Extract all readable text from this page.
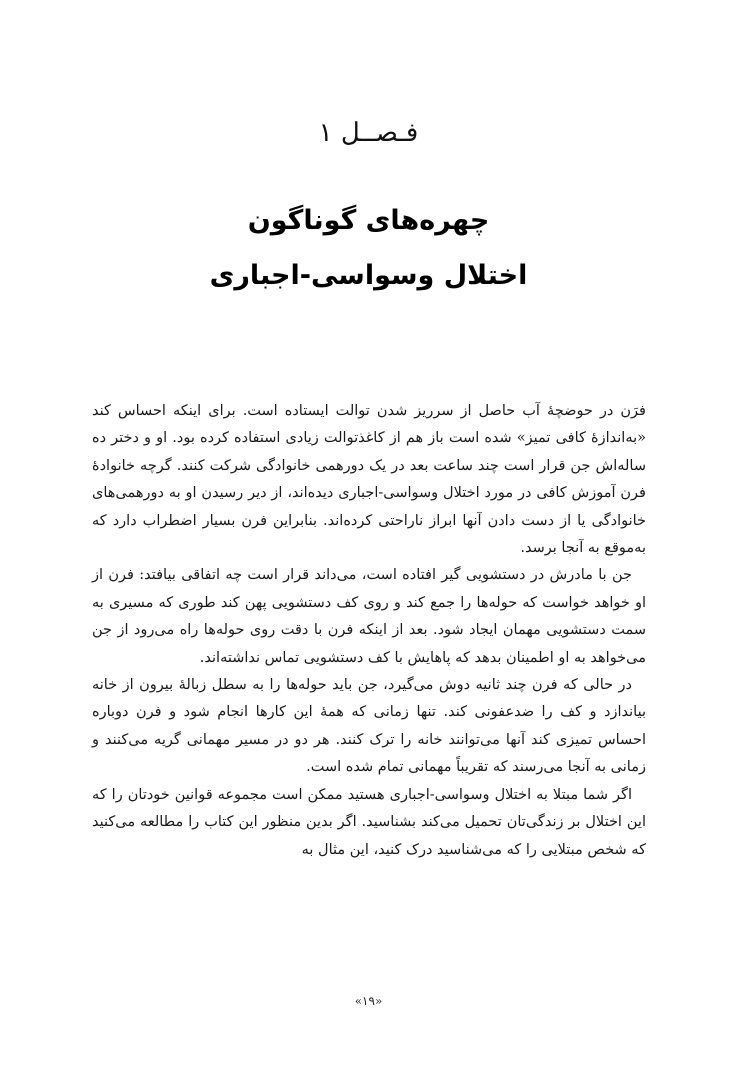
فـصــل ۱
چهره‌های گوناگون
اختلال وسواسی-اجباری

فرَن در حوضچهٔ آب حاصل از سرریز شدن توالت ایستاده است. برای اینکه احساس کند «به‌اندازهٔ کافی تمیز» شده است باز هم از کاغذتوالت زیادی استفاده کرده بود. او و دختر ده ساله‌اش جن قرار است چند ساعت بعد در یک دورهمی خانوادگی شرکت کنند. گرچه خانوادهٔ فرن آموزش کافی در مورد اختلال وسواسی-اجباری دیده‌اند، از دیر رسیدن او به دورهمی‌های خانوادگی یا از دست دادن آنها ابراز ناراحتی کرده‌اند. بنابراین فرن بسیار اضطراب دارد که به‌موقع به آنجا برسد.

جن با مادرش در دستشویی گیر افتاده است، می‌داند قرار است چه اتفاقی بیافتد: فرن از او خواهد خواست که حوله‌ها را جمع کند و روی کف دستشویی پهن کند طوری که مسیری به سمت دستشویی مهمان ایجاد شود. بعد از اینکه فرن با دقت روی حوله‌ها راه می‌رود از جن می‌خواهد به او اطمینان بدهد که پاهایش با کف دستشویی تماس نداشته‌اند.

در حالی که فرن چند ثانیه دوش می‌گیرد، جن باید حوله‌ها را به سطل زبالهٔ بیرون از خانه بیاندازد و کف را ضدعفونی کند. تنها زمانی که همهٔ این کارها انجام شود و فرن دوباره احساس تمیزی کند آنها می‌توانند خانه را ترک کنند. هر دو در مسیر مهمانی گریه می‌کنند و زمانی به آنجا می‌رسند که تقریباً مهمانی تمام شده است.

اگر شما مبتلا به اختلال وسواسی-اجباری هستید ممکن است مجموعه قوانین خودتان را که این اختلال بر زندگی‌تان تحمیل می‌کند بشناسید. اگر بدین منظور این کتاب را مطالعه می‌کنید که شخص مبتلایی را که می‌شناسید درک کنید، این مثال به

«۱۹»
